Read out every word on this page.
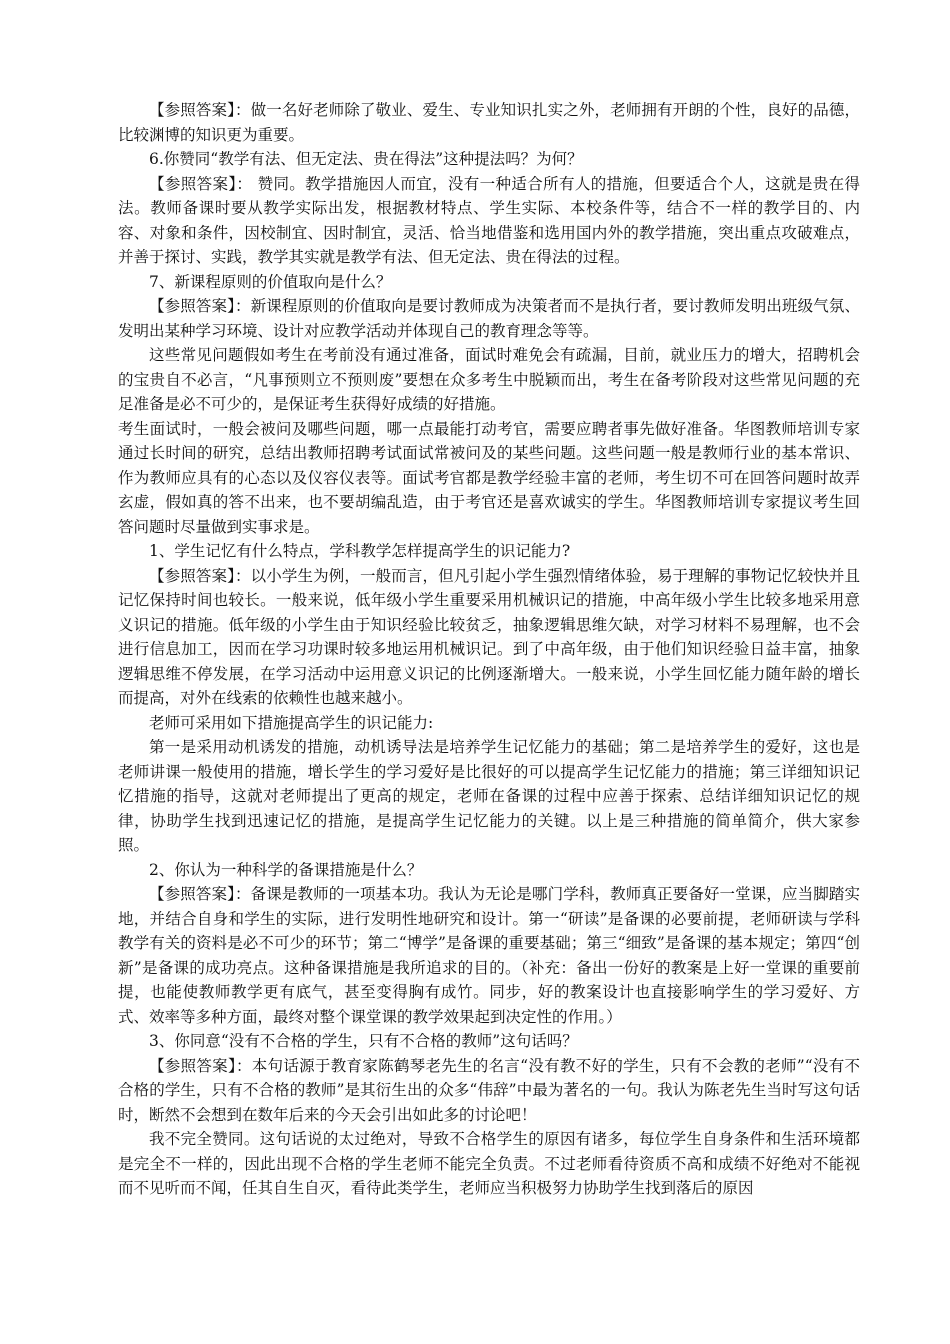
【参照答案】：做一名好老师除了敬业、爱生、专业知识扎实之外，老师拥有开朗的个性，良好的品德，比较渊博的知识更为重要。

6.你赞同“教学有法、但无定法、贵在得法”这种提法吗？为何？

【参照答案】： 赞同。教学措施因人而宜，没有一种适合所有人的措施，但要适合个人，这就是贵在得法。教师备课时要从教学实际出发，根据教材特点、学生实际、本校条件等，结合不一样的教学目的、内容、对象和条件，因校制宜、因时制宜，灵活、恰当地借鉴和选用国内外的教学措施，突出重点攻破难点，并善于探讨、实践，教学其实就是教学有法、但无定法、贵在得法的过程。

7、新课程原则的价值取向是什么？

【参照答案】：新课程原则的价值取向是要讨教师成为决策者而不是执行者，要讨教师发明出班级气氛、发明出某种学习环境、设计对应教学活动并体现自己的教育理念等等。

这些常见问题假如考生在考前没有通过准备，面试时难免会有疏漏，目前，就业压力的增大，招聘机会的宝贵自不必言，“凡事预则立不预则废”要想在众多考生中脱颖而出，考生在备考阶段对这些常见问题的充足准备是必不可少的，是保证考生获得好成绩的好措施。

考生面试时，一般会被问及哪些问题，哪一点最能打动考官，需要应聘者事先做好准备。华图教师培训专家通过长时间的研究，总结出教师招聘考试面试常被问及的某些问题。这些问题一般是教师行业的基本常识、作为教师应具有的心态以及仪容仪表等。面试考官都是教学经验丰富的老师，考生切不可在回答问题时故弄玄虚，假如真的答不出来，也不要胡编乱造，由于考官还是喜欢诚实的学生。华图教师培训专家提议考生回答问题时尽量做到实事求是。

1、学生记忆有什么特点，学科教学怎样提高学生的识记能力?

【参照答案】：以小学生为例，一般而言，但凡引起小学生强烈情绪体验，易于理解的事物记忆较快并且记忆保持时间也较长。一般来说，低年级小学生重要采用机械识记的措施，中高年级小学生比较多地采用意义识记的措施。低年级的小学生由于知识经验比较贫乏，抽象逻辑思维欠缺，对学习材料不易理解，也不会进行信息加工，因而在学习功课时较多地运用机械识记。到了中高年级，由于他们知识经验日益丰富，抽象逻辑思维不停发展，在学习活动中运用意义识记的比例逐渐增大。一般来说，小学生回忆能力随年龄的增长而提高，对外在线索的依赖性也越来越小。

老师可采用如下措施提高学生的识记能力:

第一是采用动机诱发的措施，动机诱导法是培养学生记忆能力的基础；第二是培养学生的爱好，这也是老师讲课一般使用的措施，增长学生的学习爱好是比很好的可以提高学生记忆能力的措施；第三详细知识记忆措施的指导，这就对老师提出了更高的规定，老师在备课的过程中应善于探索、总结详细知识记忆的规律，协助学生找到迅速记忆的措施，是提高学生记忆能力的关键。以上是三种措施的简单简介，供大家参照。

2、你认为一种科学的备课措施是什么？

【参照答案】：备课是教师的一项基本功。我认为无论是哪门学科，教师真正要备好一堂课，应当脚踏实地，并结合自身和学生的实际，进行发明性地研究和设计。第一“研读”是备课的必要前提，老师研读与学科教学有关的资料是必不可少的环节；第二“博学”是备课的重要基础；第三“细致”是备课的基本规定；第四“创新”是备课的成功亮点。这种备课措施是我所追求的目的。（补充：备出一份好的教案是上好一堂课的重要前提，也能使教师教学更有底气，甚至变得胸有成竹。同步，好的教案设计也直接影响学生的学习爱好、方式、效率等多种方面，最终对整个课堂课的教学效果起到决定性的作用。）

3、你同意“没有不合格的学生，只有不合格的教师”这句话吗？

【参照答案】：本句话源于教育家陈鹤琴老先生的名言“没有教不好的学生，只有不会教的老师”“没有不合格的学生，只有不合格的教师”是其衍生出的众多“伟辞”中最为著名的一句。我认为陈老先生当时写这句话时，断然不会想到在数年后来的今天会引出如此多的讨论吧！

我不完全赞同。这句话说的太过绝对，导致不合格学生的原因有诸多，每位学生自身条件和生活环境都是完全不一样的，因此出现不合格的学生老师不能完全负责。不过老师看待资质不高和成绩不好绝对不能视而不见听而不闻，任其自生自灭，看待此类学生，老师应当积极努力协助学生找到落后的原因
